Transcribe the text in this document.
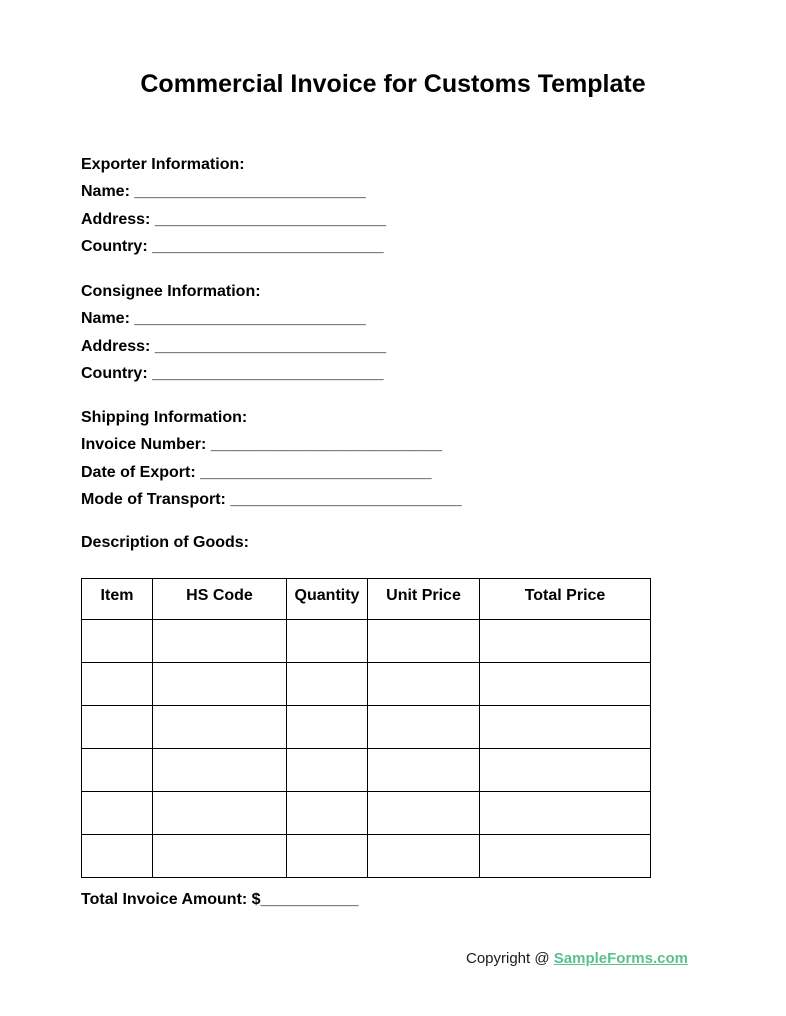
Commercial Invoice for Customs Template
Exporter Information:
Name: __________________________
Address: __________________________
Country: __________________________
Consignee Information:
Name: __________________________
Address: __________________________
Country: __________________________
Shipping Information:
Invoice Number: __________________________
Date of Export: __________________________
Mode of Transport: __________________________
Description of Goods:
Item	HS Code	Quantity	Unit Price	Total Price

Total Invoice Amount: $___________
Copyright @ SampleForms.com
